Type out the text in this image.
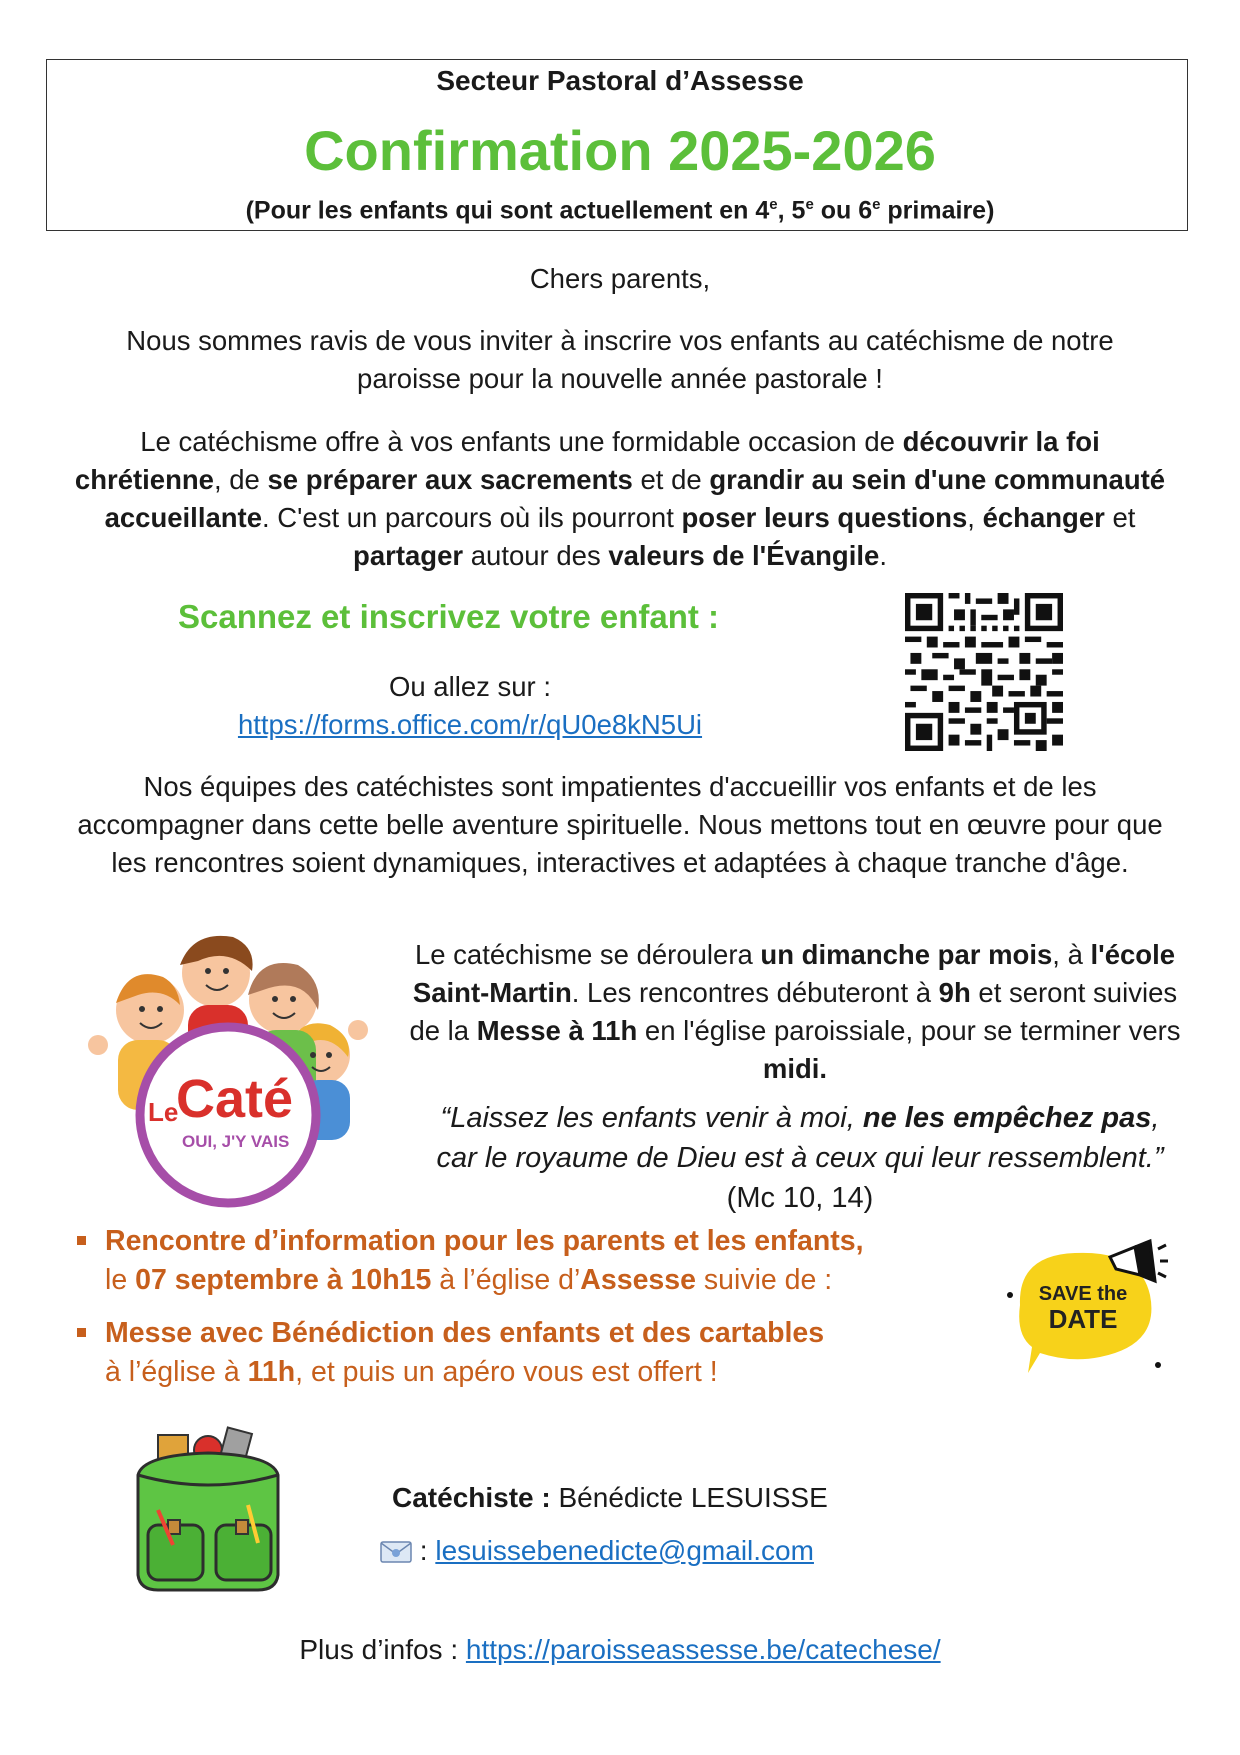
Secteur Pastoral d’Assesse
Confirmation 2025-2026
(Pour les enfants qui sont actuellement en 4e, 5e ou 6e primaire)
Chers parents,
Nous sommes ravis de vous inviter à inscrire vos enfants au catéchisme de notre paroisse pour la nouvelle année pastorale !
Le catéchisme offre à vos enfants une formidable occasion de découvrir la foi chrétienne, de se préparer aux sacrements et de grandir au sein d'une communauté accueillante. C'est un parcours où ils pourront poser leurs questions, échanger et partager autour des valeurs de l'Évangile.
Scannez et inscrivez votre enfant :
Ou allez sur :
https://forms.office.com/r/qU0e8kN5Ui
Nos équipes des catéchistes sont impatientes d'accueillir vos enfants et de les accompagner dans cette belle aventure spirituelle. Nous mettons tout en œuvre pour que les rencontres soient dynamiques, interactives et adaptées à chaque tranche d'âge.
Le
Caté
OUI, J'Y VAIS
Le catéchisme se déroulera un dimanche par mois, à l'école Saint-Martin. Les rencontres débuteront à 9h et seront suivies de la Messe à 11h en l'église paroissiale, pour se terminer vers midi.
“Laissez les enfants venir à moi, ne les empêchez pas, car le royaume de Dieu est à ceux qui leur ressemblent.” (Mc 10, 14)
Rencontre d’information pour les parents et les enfants,
le 07 septembre à 10h15 à l’église d’Assesse suivie de :
Messe avec Bénédiction des enfants et des cartables
à l’église à 11h, et puis un apéro vous est offert !
SAVE the
DATE
Catéchiste : Bénédicte LESUISSE
: lesuissebenedicte@gmail.com
Plus d’infos : https://paroisseassesse.be/catechese/
